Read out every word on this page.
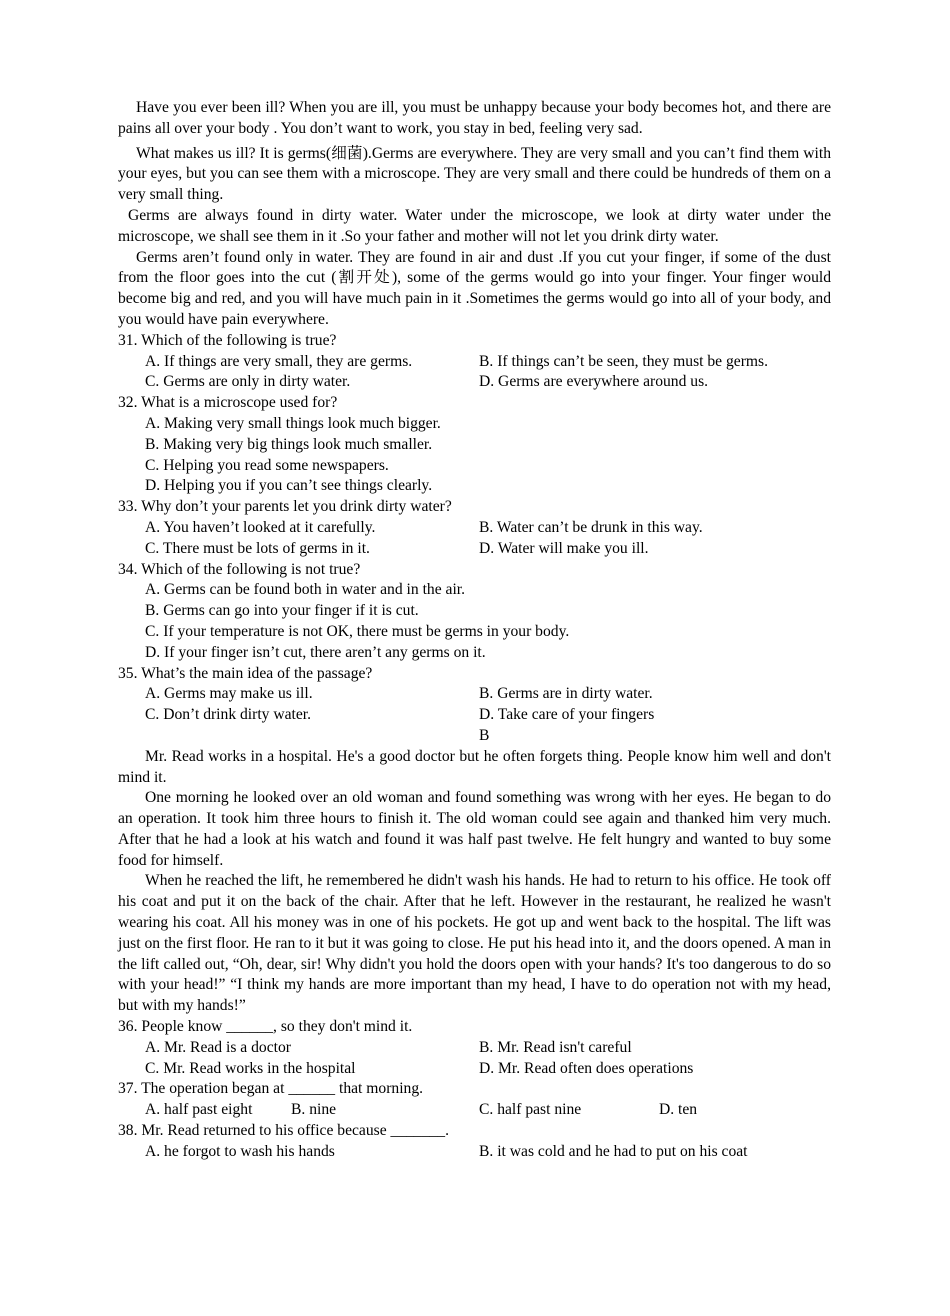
Have you ever been ill? When you are ill, you must be unhappy because your body becomes hot, and there are pains all over your body . You don’t want to work, you stay in bed, feeling very sad.

What makes us ill? It is germs(细菌).Germs are everywhere. They are very small and you can’t find them with your eyes, but you can see them with a microscope. They are very small and there could be hundreds of them on a very small thing.

Germs are always found in dirty water. Water under the microscope, we look at dirty water under the microscope, we shall see them in it .So your father and mother will not let you drink dirty water.

Germs aren’t found only in water. They are found in air and dust .If you cut your finger, if some of the dust from the floor goes into the cut (割开处), some of the germs would go into your finger. Your finger would become big and red, and you will have much pain in it .Sometimes the germs would go into all of your body, and you would have pain everywhere.

31. Which of the following is true?

A. If things are very small, they are germs.	B. If things can’t be seen, they must be germs.
C. Germs are only in dirty water.	D. Germs are everywhere around us.

32. What is a microscope used for?

A. Making very small things look much bigger.

B. Making very big things look much smaller.

C. Helping you read some newspapers.

D. Helping you if you can’t see things clearly.

33. Why don’t your parents let you drink dirty water?

A. You haven’t looked at it carefully.	B. Water can’t be drunk in this way.
C. There must be lots of germs in it.	D. Water will make you ill.

34. Which of the following is not true?

A. Germs can be found both in water and in the air.

B. Germs can go into your finger if it is cut.

C. If your temperature is not OK, there must be germs in your body.

D. If your finger isn’t cut, there aren’t any germs on it.

35. What’s the main idea of the passage?

A. Germs may make us ill.	B. Germs are in dirty water.
C. Don’t drink dirty water.	D. Take care of your fingers

B

Mr. Read works in a hospital. He's a good doctor but he often forgets thing. People know him well and don't mind it.

One morning he looked over an old woman and found something was wrong with her eyes. He began to do an operation. It took him three hours to finish it. The old woman could see again and thanked him very much. After that he had a look at his watch and found it was half past twelve. He felt hungry and wanted to buy some food for himself.

When he reached the lift, he remembered he didn't wash his hands. He had to return to his office. He took off his coat and put it on the back of the chair. After that he left. However in the restaurant, he realized he wasn't wearing his coat. All his money was in one of his pockets. He got up and went back to the hospital. The lift was just on the first floor. He ran to it but it was going to close. He put his head into it, and the doors opened. A man in the lift called out, “Oh, dear, sir! Why didn't you hold the doors open with your hands? It's too dangerous to do so with your head!” “I think my hands are more important than my head, I have to do operation not with my head, but with my hands!”

36. People know ______, so they don't mind it.

A. Mr. Read is a doctor	B. Mr. Read isn't careful
C. Mr. Read works in the hospital	D. Mr. Read often does operations

37. The operation began at ______ that morning.

A. half past eight	B. nine	C. half past nine	D. ten

38. Mr. Read returned to his office because _______.

A. he forgot to wash his hands	B. it was cold and he had to put on his coat
